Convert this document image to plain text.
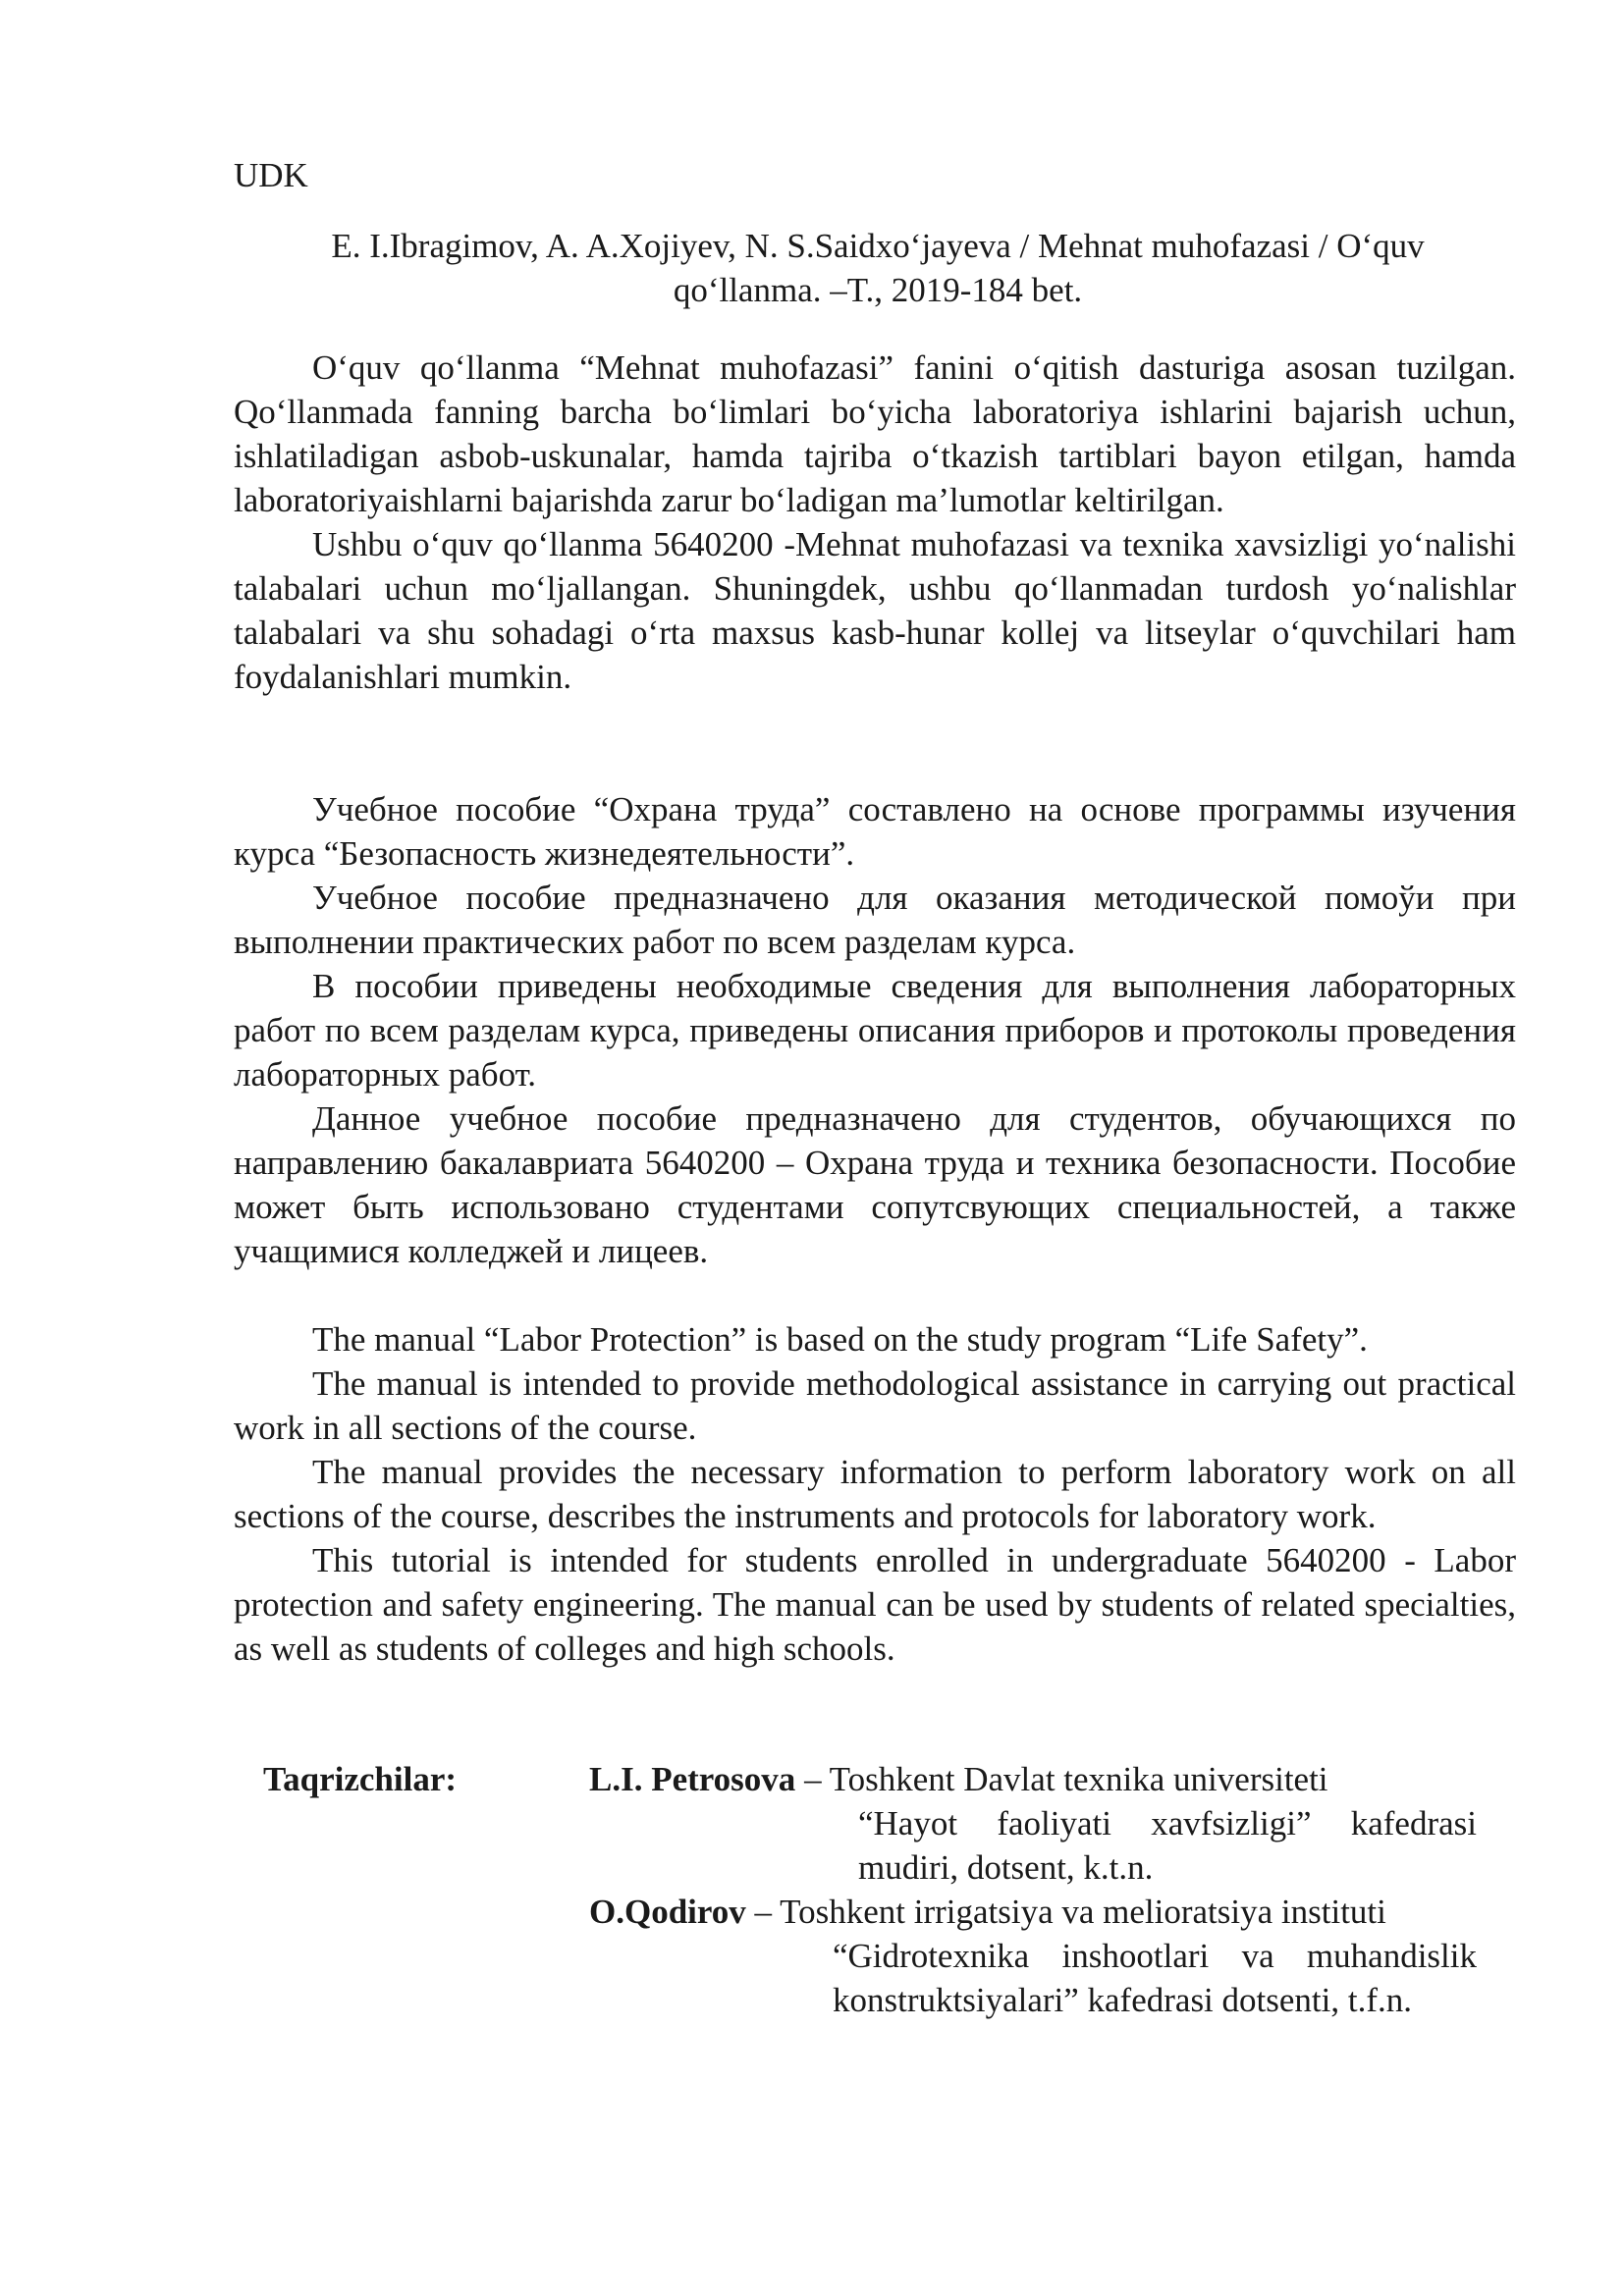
UDK

E. I.Ibragimov, A. A.Xojiyev, N. S.Saidxo‘jayeva / Mehnat muhofazasi / O‘quv
qo‘llanma. –T., 2019-184 bet.

O‘quv qo‘llanma “Mehnat muhofazasi” fanini o‘qitish dasturiga asosan tuzilgan. Qo‘llanmada fanning barcha bo‘limlari bo‘yicha laboratoriya ishlarini bajarish uchun, ishlatiladigan asbob-uskunalar, hamda tajriba o‘tkazish tartiblari bayon etilgan, hamda laboratoriyaishlarni bajarishda zarur bo‘ladigan ma’lumotlar keltirilgan.

Ushbu o‘quv qo‘llanma 5640200 -Mehnat muhofazasi va texnika xavsizligi yo‘nalishi talabalari uchun mo‘ljallangan. Shuningdek, ushbu qo‘llanmadan turdosh yo‘nalishlar talabalari va shu sohadagi o‘rta maxsus kasb-hunar kollej va litseylar o‘quvchilari ham foydalanishlari mumkin.

Учебное пособие “Охрана труда” составлено на основе программы изучения курса “Безопасность жизнедеятельности”.

Учебное пособие предназначено для оказания методической помоўи при выполнении практических работ по всем разделам курса.

В пособии приведены необходимые сведения для выполнения лабораторных работ по всем разделам курса, приведены описания приборов и протоколы проведения лабораторных работ.

Данное учебное пособие предназначено для студентов, обучающихся по направлению бакалавриата 5640200 – Охрана труда и техника безопасности. Пособие может быть использовано студентами сопутсвующих специальностей, а также учащимися колледжей и лицеев.

The manual “Labor Protection” is based on the study program “Life Safety”.

The manual is intended to provide methodological assistance in carrying out practical work in all sections of the course.

The manual provides the necessary information to perform laboratory work on all sections of the course, describes the instruments and protocols for laboratory work.

This tutorial is intended for students enrolled in undergraduate 5640200 - Labor protection and safety engineering. The manual can be used by students of related specialties, as well as students of colleges and high schools.

Taqrizchilar:	L.I. Petrosova – Toshkent Davlat texnika universiteti

“Hayot faoliyati xavfsizligi” kafedrasi mudiri, dotsent, k.t.n.

O.Qodirov – Toshkent irrigatsiya va melioratsiya instituti

“Gidrotexnika inshootlari va muhandislik konstruktsiyalari” kafedrasi dotsenti, t.f.n.
